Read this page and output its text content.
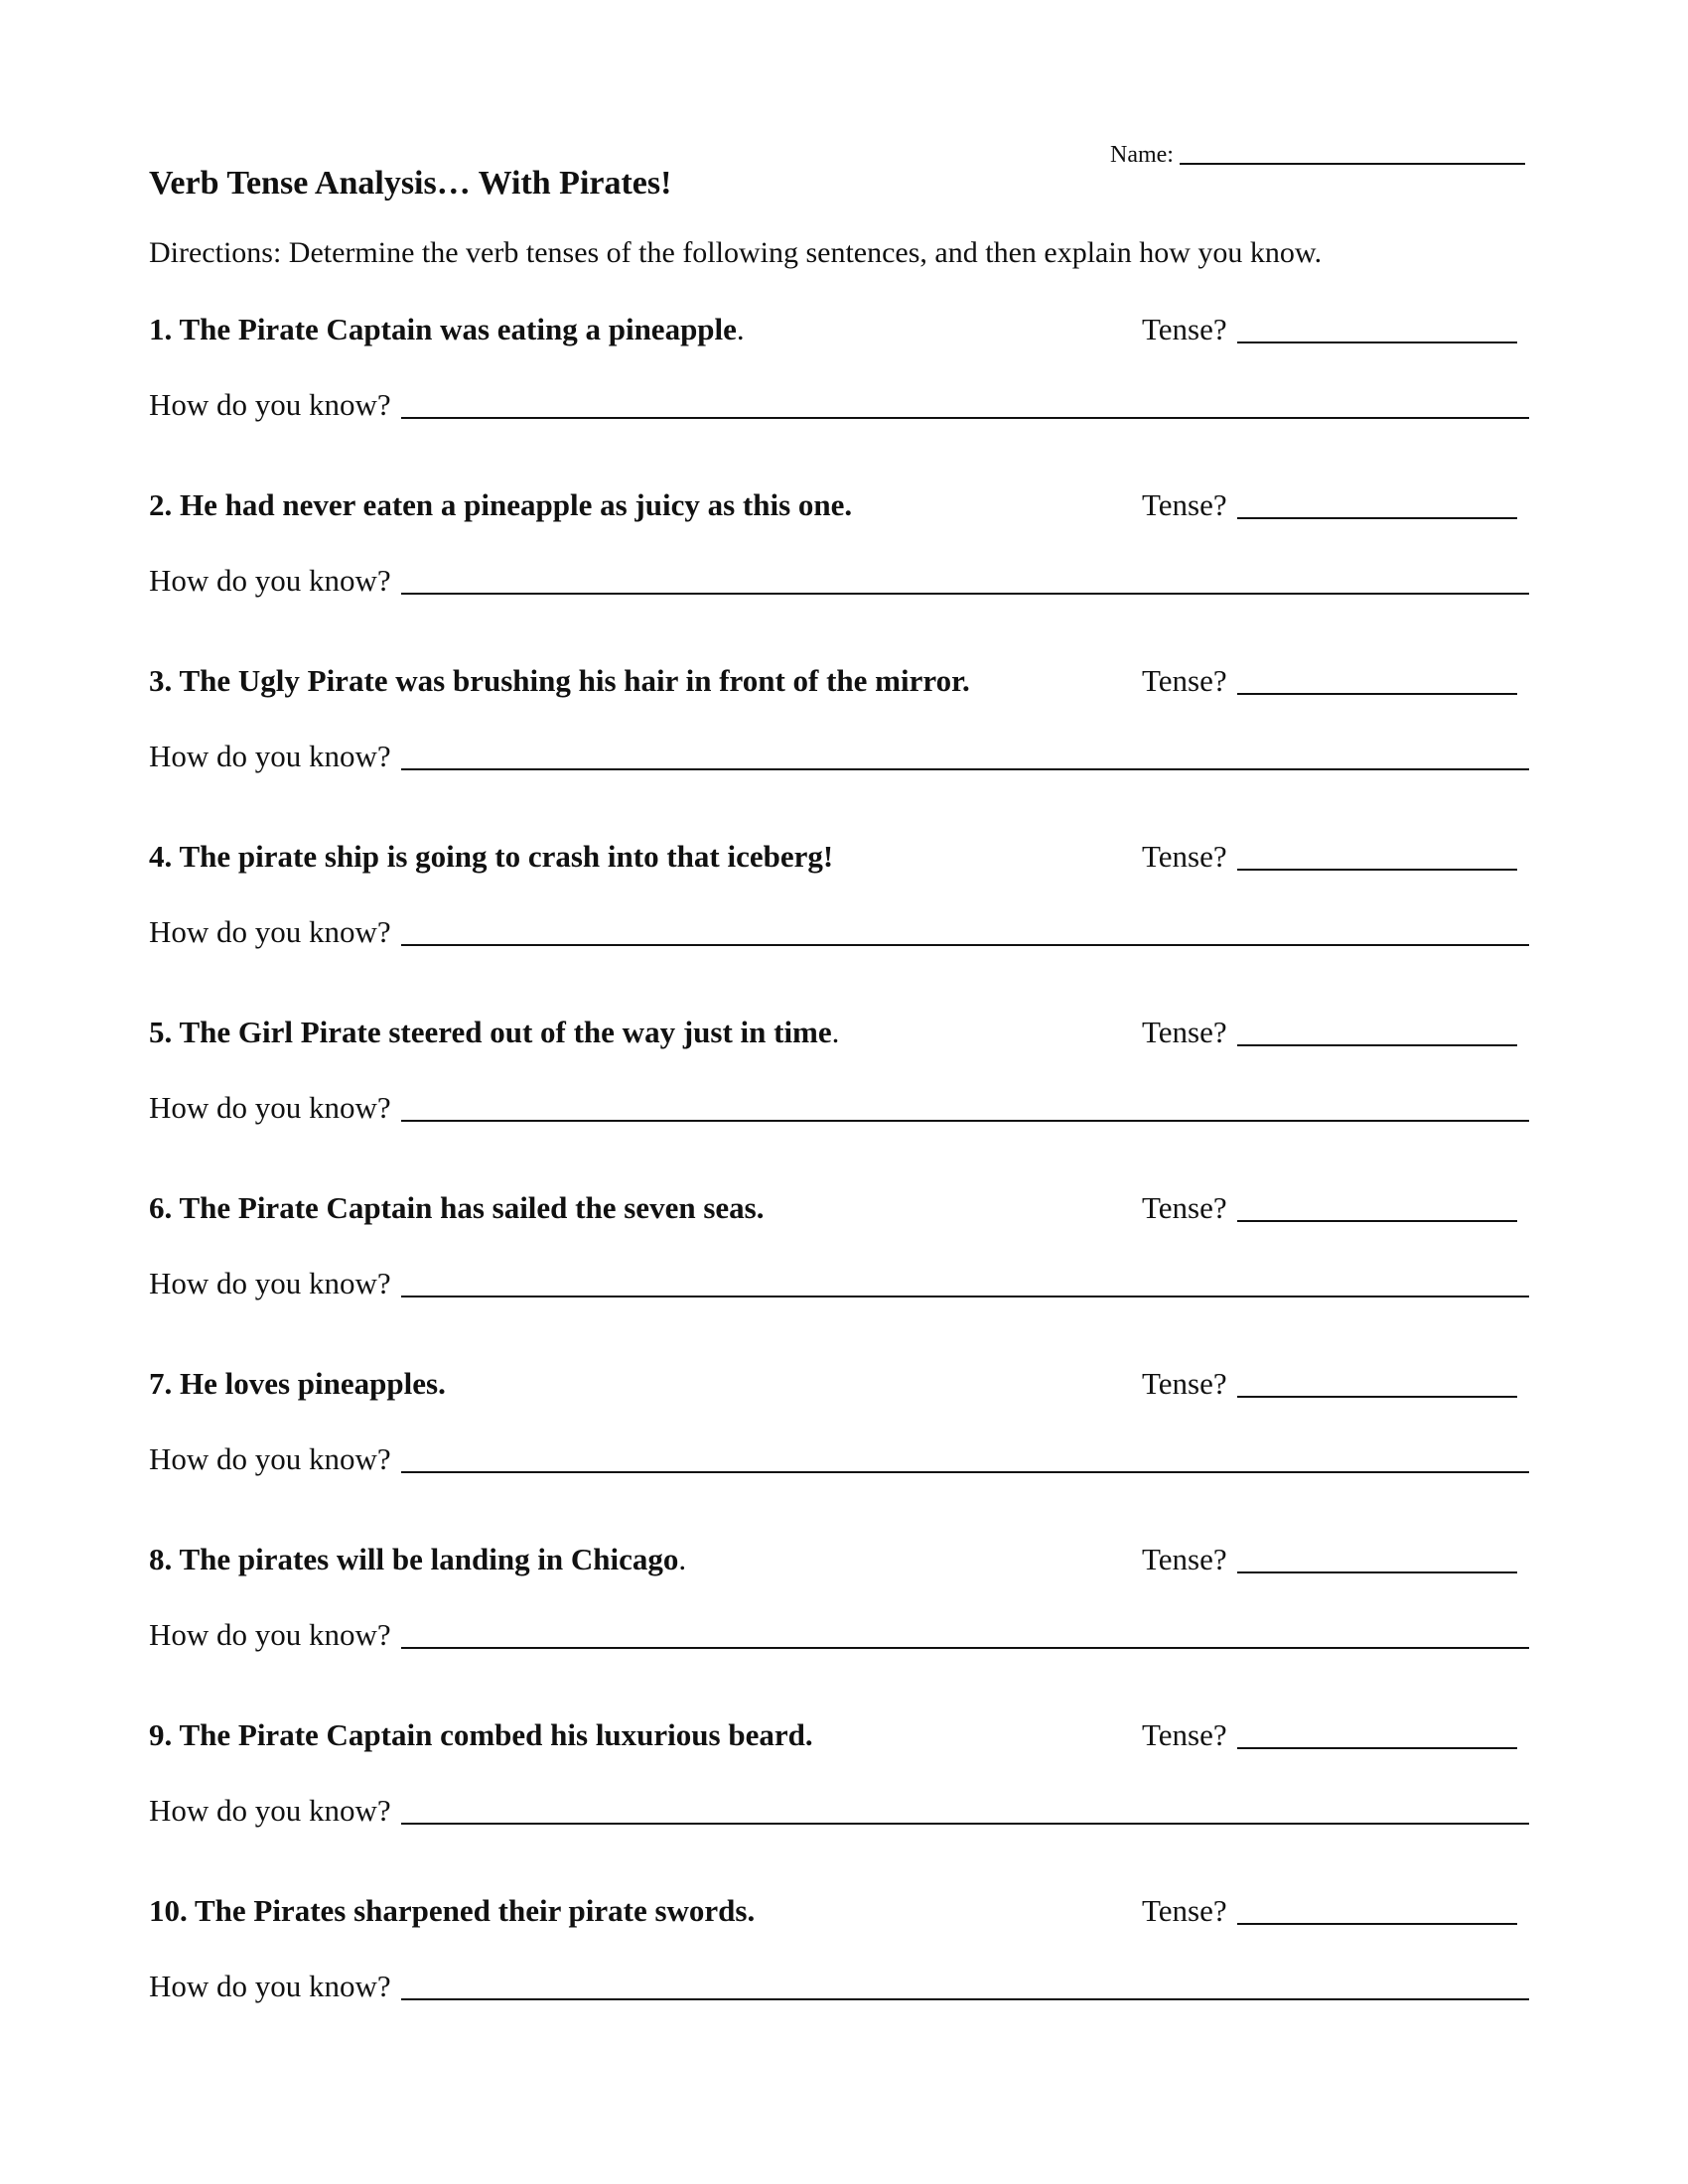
Name:
Verb Tense Analysis… With Pirates!
Directions: Determine the verb tenses of the following sentences, and then explain how you know.
1. The Pirate Captain was eating a pineapple.	Tense?
How do you know?
2. He had never eaten a pineapple as juicy as this one.	Tense?
How do you know?
3. The Ugly Pirate was brushing his hair in front of the mirror.	Tense?
How do you know?
4. The pirate ship is going to crash into that iceberg!	Tense?
How do you know?
5. The Girl Pirate steered out of the way just in time.	Tense?
How do you know?
6. The Pirate Captain has sailed the seven seas.	Tense?
How do you know?
7. He loves pineapples.	Tense?
How do you know?
8. The pirates will be landing in Chicago.	Tense?
How do you know?
9. The Pirate Captain combed his luxurious beard.	Tense?
How do you know?
10. The Pirates sharpened their pirate swords.	Tense?
How do you know?
